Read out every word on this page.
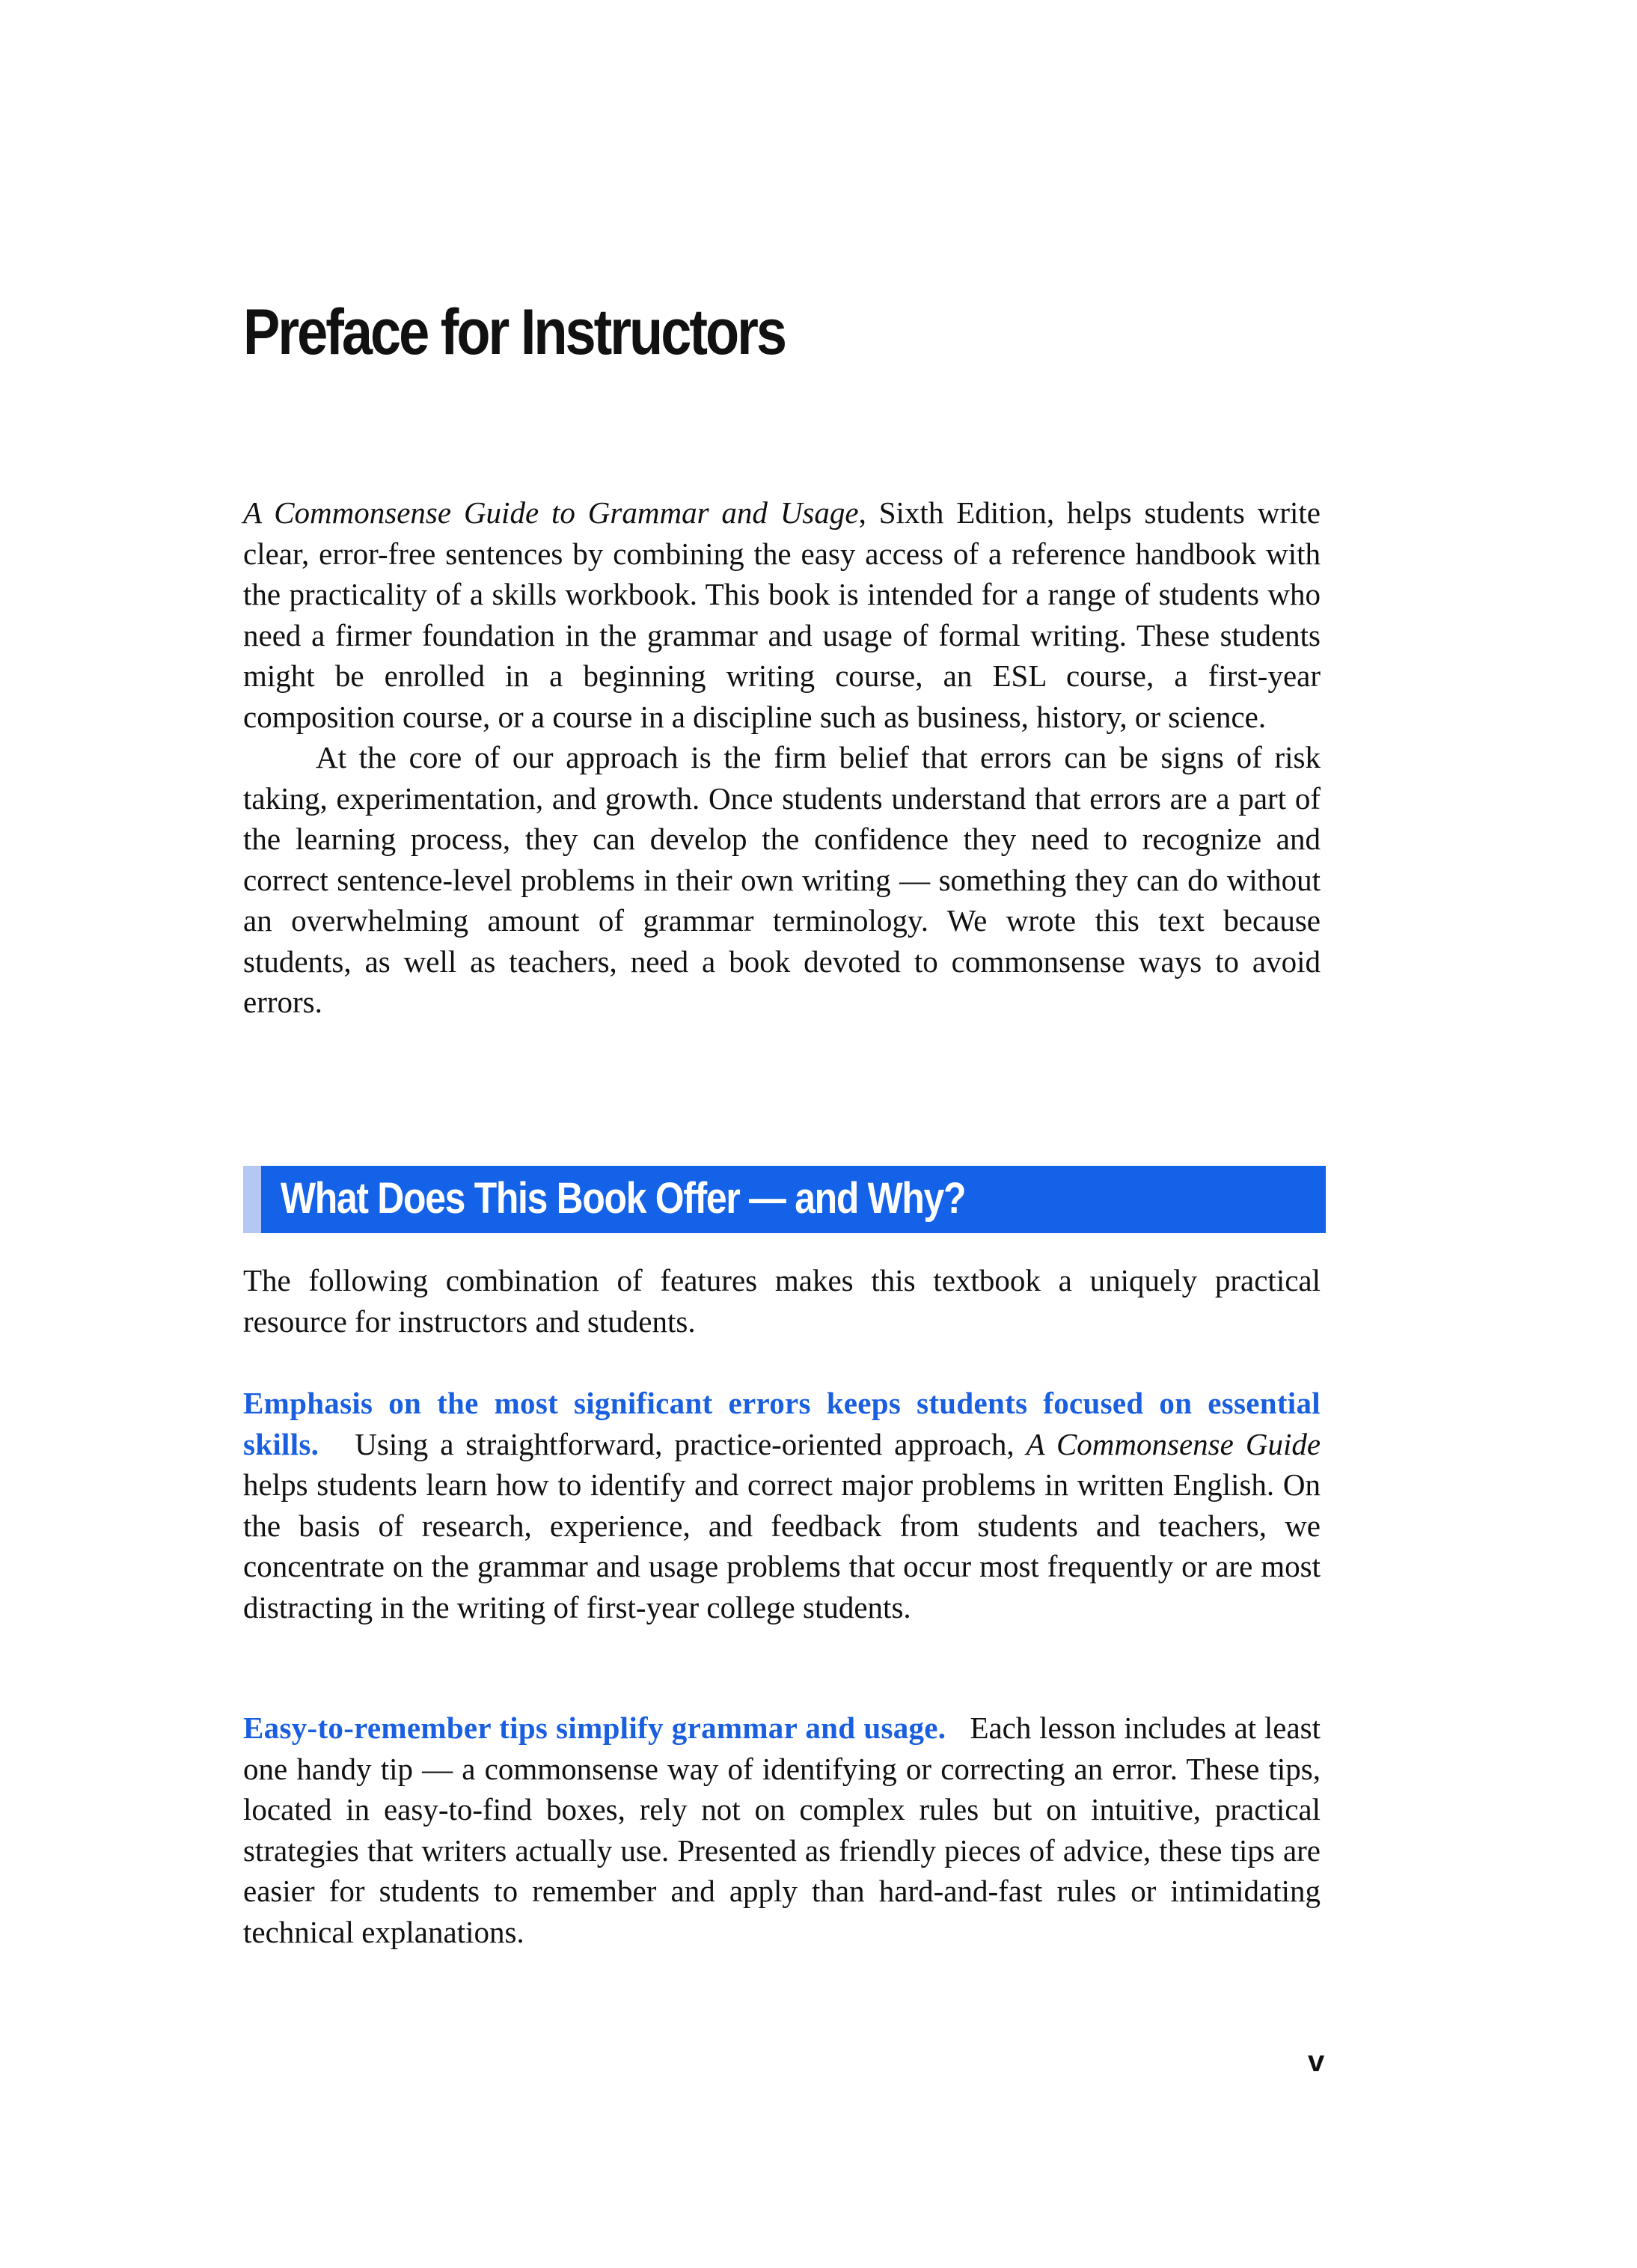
Preface for Instructors

A Commonsense Guide to Grammar and Usage, Sixth Edition, helps students write clear, error-free sentences by combining the easy access of a reference handbook with the practicality of a skills workbook. This book is intended for a range of students who need a firmer foundation in the grammar and usage of formal writing. These students might be enrolled in a beginning writing course, an ESL course, a first-year composition course, or a course in a discipline such as business, history, or science.

At the core of our approach is the firm belief that errors can be signs of risk taking, experimentation, and growth. Once students understand that errors are a part of the learning process, they can develop the confidence they need to recognize and correct sentence-level problems in their own writing — something they can do without an overwhelming amount of grammar terminology. We wrote this text because students, as well as teachers, need a book devoted to commonsense ways to avoid errors.

What Does This Book Offer — and Why?

The following combination of features makes this textbook a uniquely practical resource for instructors and students.

Emphasis on the most significant errors keeps students focused on essential skills. Using a straightforward, practice-oriented approach, A Commonsense Guide helps students learn how to identify and correct major problems in written English. On the basis of research, experience, and feedback from students and teachers, we concentrate on the grammar and usage problems that occur most frequently or are most distracting in the writing of first-year college students.

Easy-to-remember tips simplify grammar and usage. Each lesson includes at least one handy tip — a commonsense way of identifying or correcting an error. These tips, located in easy-to-find boxes, rely not on complex rules but on intuitive, practical strategies that writers actually use. Presented as friendly pieces of advice, these tips are easier for students to remember and apply than hard-and-fast rules or intimidating technical explanations.

v
